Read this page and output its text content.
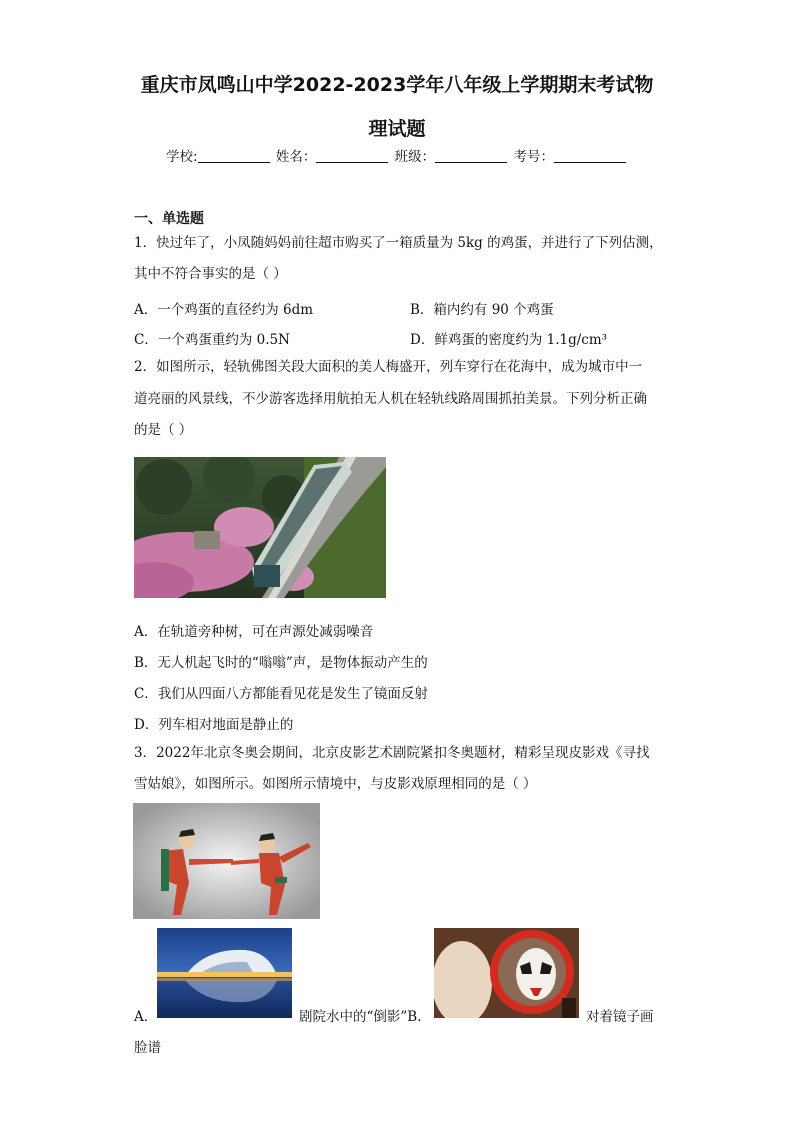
重庆市凤鸣山中学2022-2023学年八年级上学期期末考试物
理试题
学校:	姓名：	班级：	考号：
一、单选题
1．快过年了，小凤随妈妈前往超市购买了一箱质量为 5kg 的鸡蛋，并进行了下列估测，
其中不符合事实的是（ ）
A．一个鸡蛋的直径约为 6dm	B．箱内约有 90 个鸡蛋
C．一个鸡蛋重约为 0.5N	D．鲜鸡蛋的密度约为 1.1g/cm³
2．如图所示，轻轨佛图关段大面积的美人梅盛开，列车穿行在花海中，成为城市中一
道亮丽的风景线，不少游客选择用航拍无人机在轻轨线路周围抓拍美景。下列分析正确
的是（ ）
A．在轨道旁种树，可在声源处减弱噪音
B．无人机起飞时的“嗡嗡”声，是物体振动产生的
C．我们从四面八方都能看见花是发生了镜面反射
D．列车相对地面是静止的
3．2022年北京冬奥会期间，北京皮影艺术剧院紧扣冬奥题材，精彩呈现皮影戏《寻找
雪姑娘》，如图所示。如图所示情境中，与皮影戏原理相同的是（ ）
A．	剧院水中的“倒影”B．	对着镜子画
脸谱
